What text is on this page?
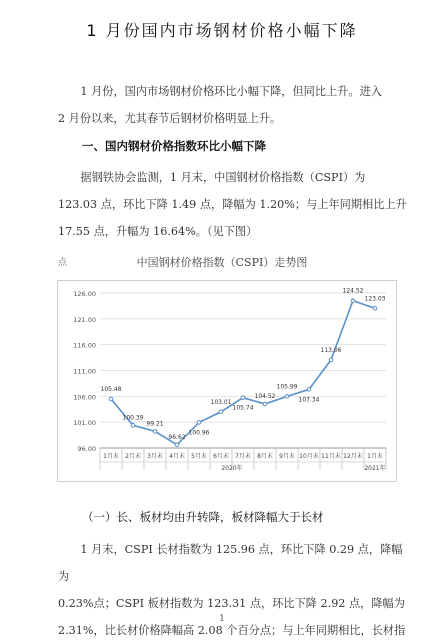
1 月份国内市场钢材价格小幅下降
1 月份，国内市场钢材价格环比小幅下降，但同比上升。进入
2 月份以来，尤其春节后钢材价格明显上升。
一、国内钢材价格指数环比小幅下降
据钢铁协会监测，1 月末，中国钢材价格指数（CSPI）为
123.03 点，环比下降 1.49 点，降幅为 1.20%；与上年同期相比上升
17.55 点，升幅为 16.64%。（见下图）
点	中国钢材价格指数（CSPI）走势图
126.00
121.00
116.00
111.00
106.00
101.00
96.00
1月末 2月末 3月末 4月末 5月末 6月末 7月末 8月末 9月末 10月末 11月末 12月末 1月末
2020年	2021年
105.48
100.39
99.21
96.62
100.96
103.01
105.74
104.52
105.99
107.34
113.06
124.52
123.03
（一）长、板材均由升转降，板材降幅大于长材
1 月末，CSPI 长材指数为 125.96 点，环比下降 0.29 点，降幅为
0.23%点；CSPI 板材指数为 123.31 点，环比下降 2.92 点，降幅为
2.31%，比长材价格降幅高 2.08 个百分点；与上年同期相比，长材指
1
